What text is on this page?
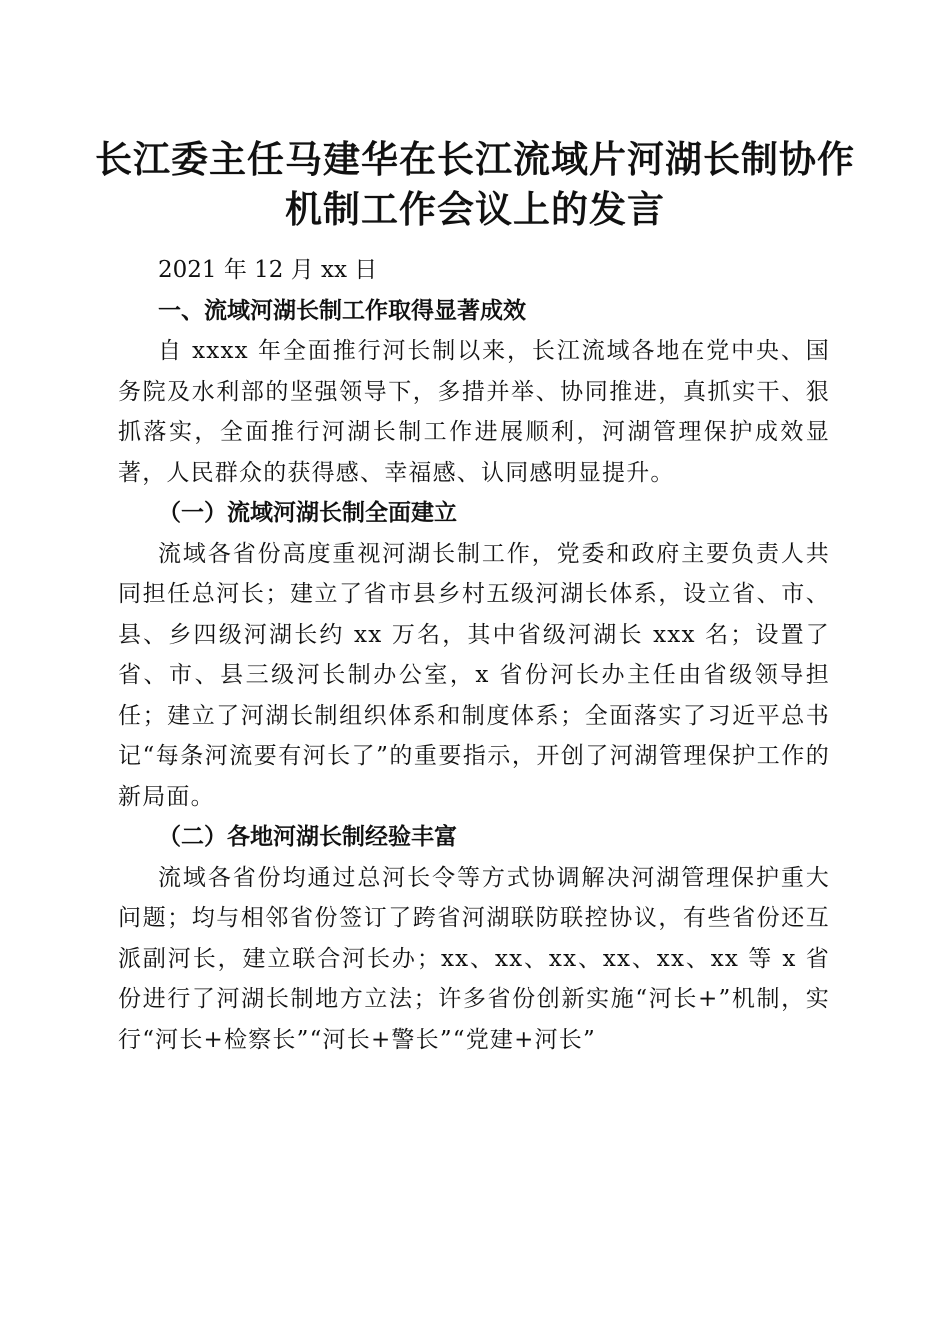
长江委主任马建华在长江流域片河湖长制协作
机制工作会议上的发言

2021 年 12 月 xx 日

一、流域河湖长制工作取得显著成效

自 xxxx 年全面推行河长制以来，长江流域各地在党中央、国务院及水利部的坚强领导下，多措并举、协同推进，真抓实干、狠抓落实，全面推行河湖长制工作进展顺利，河湖管理保护成效显著，人民群众的获得感、幸福感、认同感明显提升。

（一）流域河湖长制全面建立

流域各省份高度重视河湖长制工作，党委和政府主要负责人共同担任总河长；建立了省市县乡村五级河湖长体系，设立省、市、县、乡四级河湖长约 xx 万名，其中省级河湖长 xxx 名；设置了省、市、县三级河长制办公室，x 省份河长办主任由省级领导担任；建立了河湖长制组织体系和制度体系；全面落实了习近平总书记“每条河流要有河长了”的重要指示，开创了河湖管理保护工作的新局面。

（二）各地河湖长制经验丰富

流域各省份均通过总河长令等方式协调解决河湖管理保护重大问题；均与相邻省份签订了跨省河湖联防联控协议，有些省份还互派副河长，建立联合河长办；xx、xx、xx、xx、xx、xx 等 x 省份进行了河湖长制地方立法；许多省份创新实施“河长+”机制，实行“河长+检察长”“河长+警长”“党建+河长”
